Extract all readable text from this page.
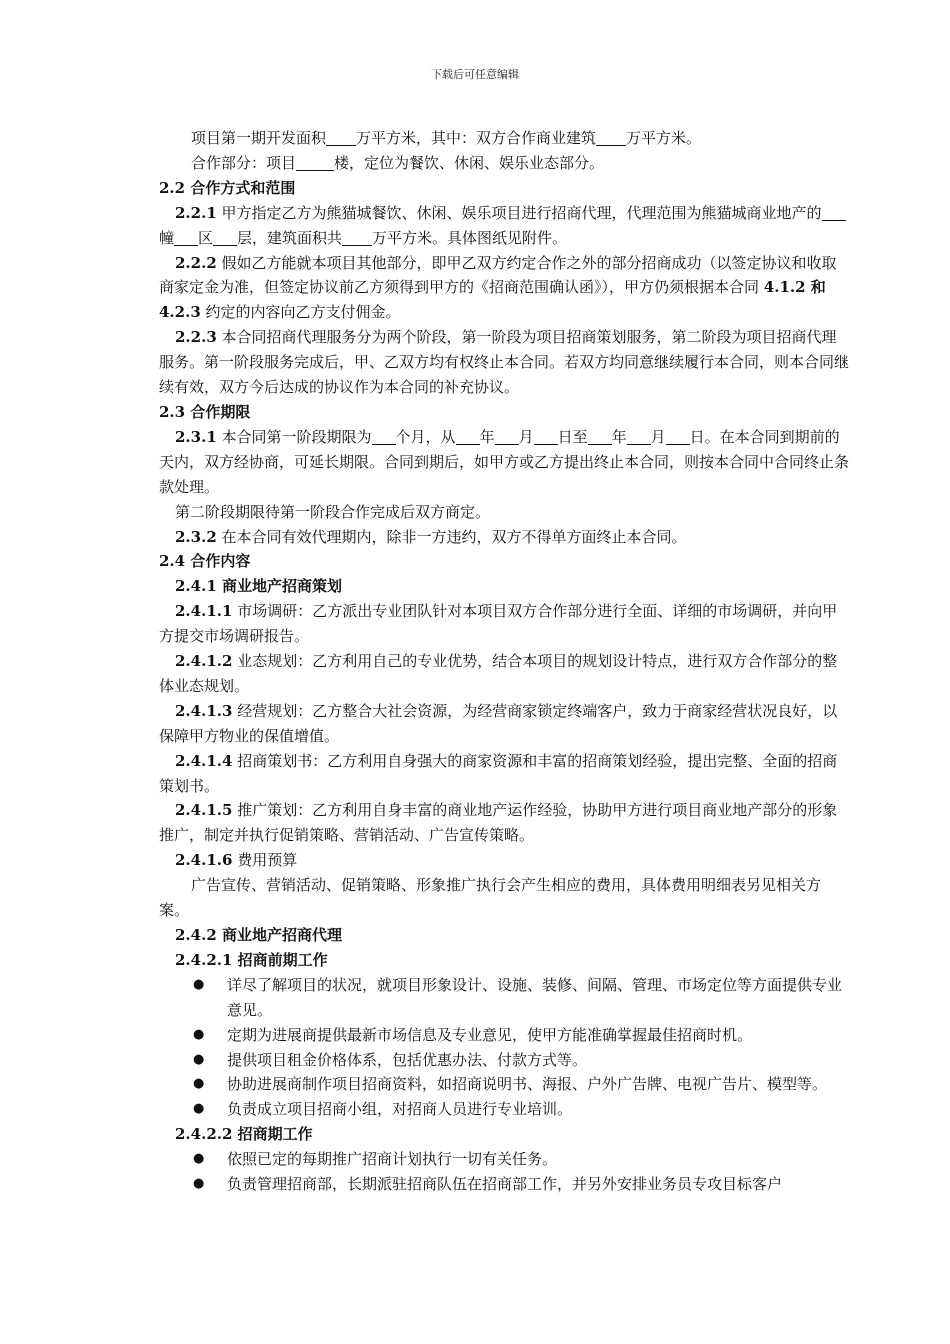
下载后可任意编辑

项目第一期开发面积 万平方米，其中：双方合作商业建筑 万平方米。

合作部分：项目	楼，定位为餐饮、休闲、娱乐业态部分。

2.2 合作方式和范围

2.2.1 甲方指定乙方为熊猫城餐饮、休闲、娱乐项目进行招商代理，代理范围为熊猫城商业地产的幢 区 层，建筑面积共 万平方米。具体图纸见附件。

2.2.2 假如乙方能就本项目其他部分，即甲乙双方约定合作之外的部分招商成功（以签定协议和收取商家定金为准，但签定协议前乙方须得到甲方的《招商范围确认函》），甲方仍须根据本合同 4.1.2 和 4.2.3 约定的内容向乙方支付佣金。

2.2.3 本合同招商代理服务分为两个阶段，第一阶段为项目招商策划服务，第二阶段为项目招商代理服务。第一阶段服务完成后，甲、乙双方均有权终止本合同。若双方均同意继续履行本合同，则本合同继续有效，双方今后达成的协议作为本合同的补充协议。

2.3 合作期限

2.3.1 本合同第一阶段期限为 个月，从 年 月 日至 年 月 日。在本合同到期前的天内，双方经协商，可延长期限。合同到期后，如甲方或乙方提出终止本合同，则按本合同中合同终止条款处理。

第二阶段期限待第一阶段合作完成后双方商定。

2.3.2 在本合同有效代理期内，除非一方违约，双方不得单方面终止本合同。

2.4 合作内容

2.4.1 商业地产招商策划

2.4.1.1 市场调研：乙方派出专业团队针对本项目双方合作部分进行全面、详细的市场调研，并向甲方提交市场调研报告。

2.4.1.2 业态规划：乙方利用自己的专业优势，结合本项目的规划设计特点，进行双方合作部分的整体业态规划。

2.4.1.3 经营规划：乙方整合大社会资源，为经营商家锁定终端客户，致力于商家经营状况良好，以保障甲方物业的保值增值。

2.4.1.4 招商策划书：乙方利用自身强大的商家资源和丰富的招商策划经验，提出完整、全面的招商策划书。

2.4.1.5 推广策划：乙方利用自身丰富的商业地产运作经验，协助甲方进行项目商业地产部分的形象推广，制定并执行促销策略、营销活动、广告宣传策略。

2.4.1.6 费用预算

广告宣传、营销活动、促销策略、形象推广执行会产生相应的费用，具体费用明细表另见相关方案。

2.4.2 商业地产招商代理

2.4.2.1 招商前期工作

●	详尽了解项目的状况，就项目形象设计、设施、装修、间隔、管理、市场定位等方面提供专业意见。
●	定期为进展商提供最新市场信息及专业意见，使甲方能准确掌握最佳招商时机。
●	提供项目租金价格体系，包括优惠办法、付款方式等。
●	协助进展商制作项目招商资料，如招商说明书、海报、户外广告牌、电视广告片、模型等。
●	负责成立项目招商小组，对招商人员进行专业培训。

2.4.2.2 招商期工作

●	依照已定的每期推广招商计划执行一切有关任务。
●	负责管理招商部，长期派驻招商队伍在招商部工作，并另外安排业务员专攻目标客户
